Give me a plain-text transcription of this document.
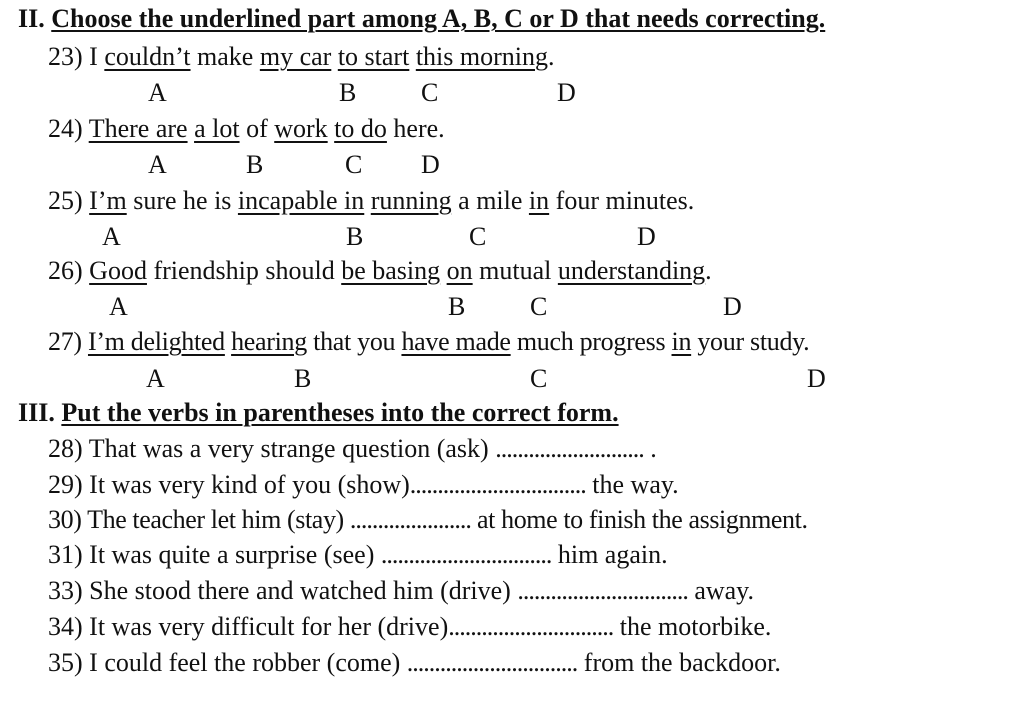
II. Choose the underlined part among A, B, C or D that needs correcting.
23) I couldn’t make my car to start this morning.
A	B C	D
24) There are a lot of work to do here.
A	B	C D
25) I’m sure he is incapable in running a mile in four minutes.
A	B	C	D
26) Good friendship should be basing on mutual understanding.
A	B C	D
27) I’m delighted hearing that you have made much progress in your study.
A	B	C	D
III. Put the verbs in parentheses into the correct form.
28) That was a very strange question (ask) ........................... .
29) It was very kind of you (show)................................ the way.
30) The teacher let him (stay) ...................... at home to finish the assignment.
31) It was quite a surprise (see) ............................... him again.
33) She stood there and watched him (drive) ............................... away.
34) It was very difficult for her (drive).............................. the motorbike.
35) I could feel the robber (come) ............................... from the backdoor.
